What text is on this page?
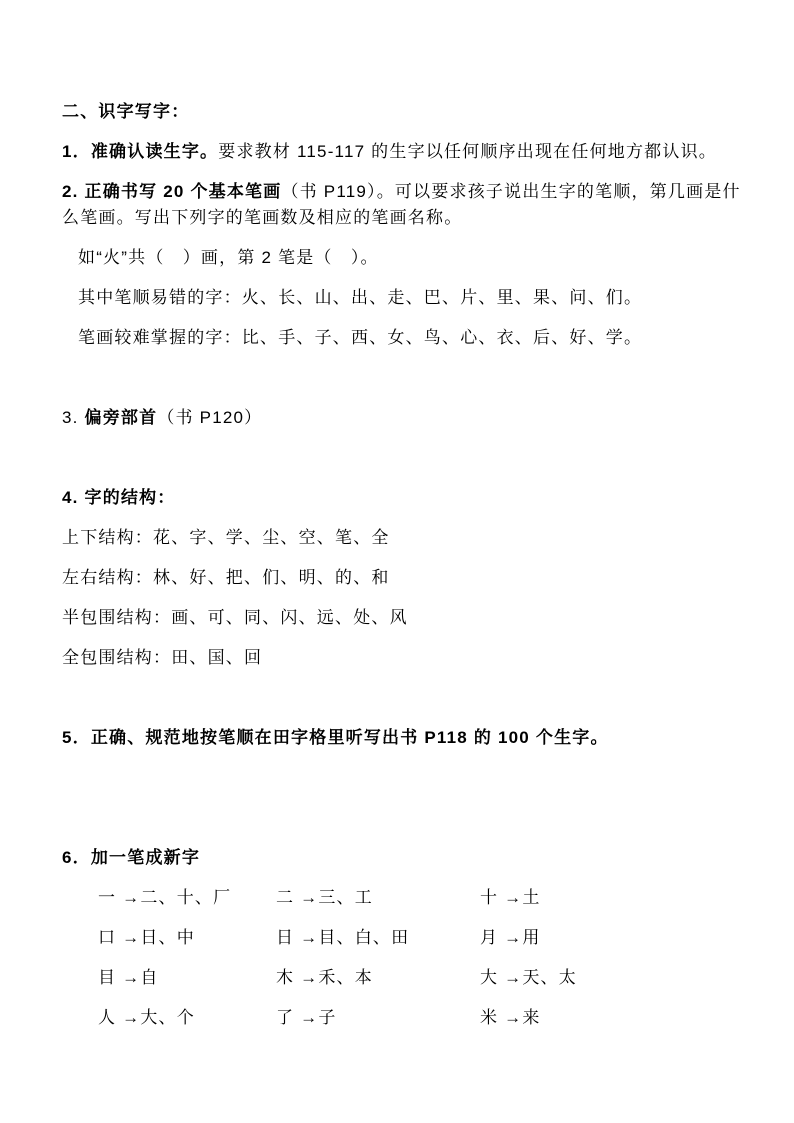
二、识字写字：
1．准确认读生字。要求教材 115-117 的生字以任何顺序出现在任何地方都认识。
2. 正确书写 20 个基本笔画（书 P119）。可以要求孩子说出生字的笔顺，第几画是什
么笔画。写出下列字的笔画数及相应的笔画名称。
如“火”共（　）画，第 2 笔是（　）。
其中笔顺易错的字：火、长、山、出、走、巴、片、里、果、问、们。
笔画较难掌握的字：比、手、子、西、女、鸟、心、衣、后、好、学。
3. 偏旁部首（书 P120）
4. 字的结构：
上下结构：花、字、学、尘、空、笔、全
左右结构：林、好、把、们、明、的、和
半包围结构：画、可、同、闪、远、处、风
全包围结构：田、国、回
5．正确、规范地按笔顺在田字格里听写出书 P118 的 100 个生字。
6．加一笔成新字
一 →二、十、厂	二 →三、工	十 →土
口 →日、中	日 →目、白、田	月 →用
目 →自	木 →禾、本	大 →天、太
人 →大、个	了 →子	米 →来
